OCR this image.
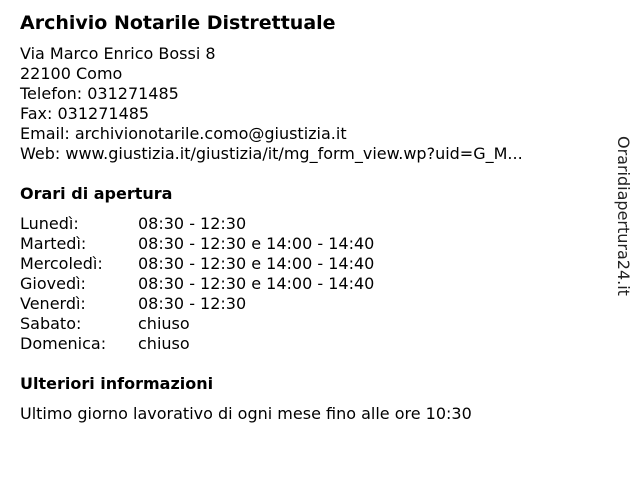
Archivio Notarile Distrettuale
Via Marco Enrico Bossi 8
22100 Como
Telefon: 031271485
Fax: 031271485
Email: archivionotarile.como@giustizia.it
Web: www.giustizia.it/giustizia/it/mg_form_view.wp?uid=G_M...
Orari di apertura
Lunedì:	08:30 - 12:30
Martedì:	08:30 - 12:30 e 14:00 - 14:40
Mercoledì: 08:30 - 12:30 e 14:00 - 14:40
Giovedì:	08:30 - 12:30 e 14:00 - 14:40
Venerdì:	08:30 - 12:30
Sabato:	chiuso
Domenica: chiuso
Ulteriori informazioni
Ultimo giorno lavorativo di ogni mese fino alle ore 10:30
Oraridiapertura24.it
